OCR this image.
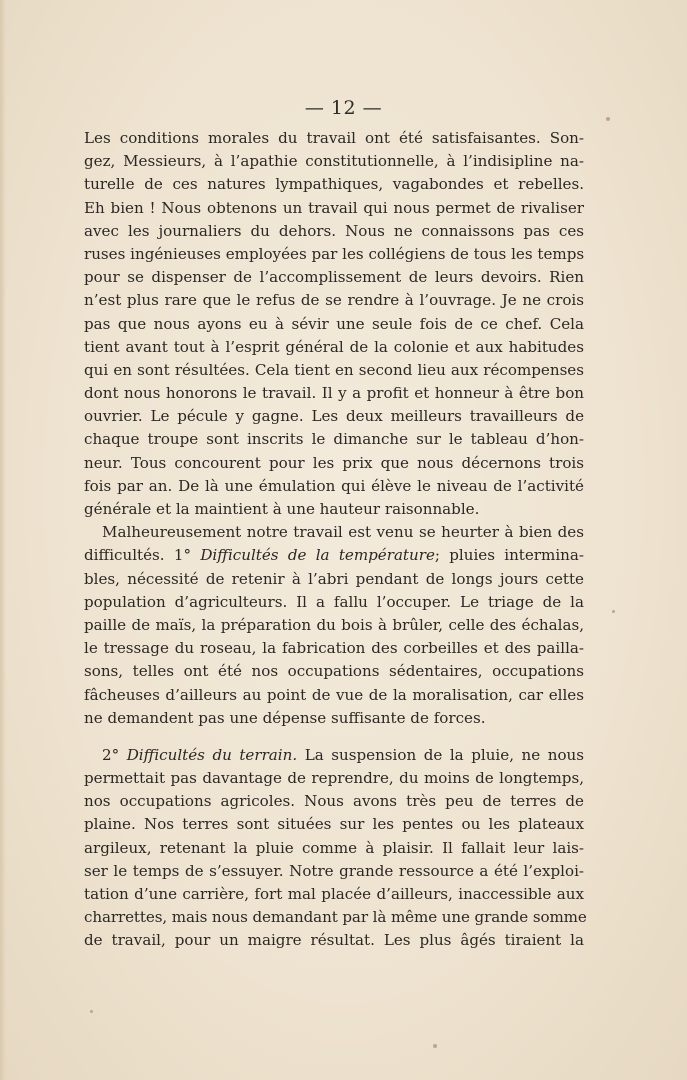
— 12 —
Les conditions morales du travail ont été satisfaisantes. Son-
gez, Messieurs, à l’apathie constitutionnelle, à l’indisipline na-
turelle de ces natures lympathiques, vagabondes et rebelles.
Eh bien ! Nous obtenons un travail qui nous permet de rivaliser
avec les journaliers du dehors. Nous ne connaissons pas ces
ruses ingénieuses employées par les collégiens de tous les temps
pour se dispenser de l’accomplissement de leurs devoirs. Rien
n’est plus rare que le refus de se rendre à l’ouvrage. Je ne crois
pas que nous ayons eu à sévir une seule fois de ce chef. Cela
tient avant tout à l’esprit général de la colonie et aux habitudes
qui en sont résultées. Cela tient en second lieu aux récompenses
dont nous honorons le travail. Il y a profit et honneur à être bon
ouvrier. Le pécule y gagne. Les deux meilleurs travailleurs de
chaque troupe sont inscrits le dimanche sur le tableau d’hon-
neur. Tous concourent pour les prix que nous décernons trois
fois par an. De là une émulation qui élève le niveau de l’activité
générale et la maintient à une hauteur raisonnable.
Malheureusement notre travail est venu se heurter à bien des
difficultés. 1° Difficultés de la température; pluies intermina-
bles, nécessité de retenir à l’abri pendant de longs jours cette
population d’agriculteurs. Il a fallu l’occuper. Le triage de la
paille de maïs, la préparation du bois à brûler, celle des échalas,
le tressage du roseau, la fabrication des corbeilles et des pailla-
sons, telles ont été nos occupations sédentaires, occupations
fâcheuses d’ailleurs au point de vue de la moralisation, car elles
ne demandent pas une dépense suffisante de forces.
2° Difficultés du terrain. La suspension de la pluie, ne nous
permettait pas davantage de reprendre, du moins de longtemps,
nos occupations agricoles. Nous avons très peu de terres de
plaine. Nos terres sont situées sur les pentes ou les plateaux
argileux, retenant la pluie comme à plaisir. Il fallait leur lais-
ser le temps de s’essuyer. Notre grande ressource a été l’exploi-
tation d’une carrière, fort mal placée d’ailleurs, inaccessible aux
charrettes, mais nous demandant par là même une grande somme
de travail, pour un maigre résultat. Les plus âgés tiraient la
